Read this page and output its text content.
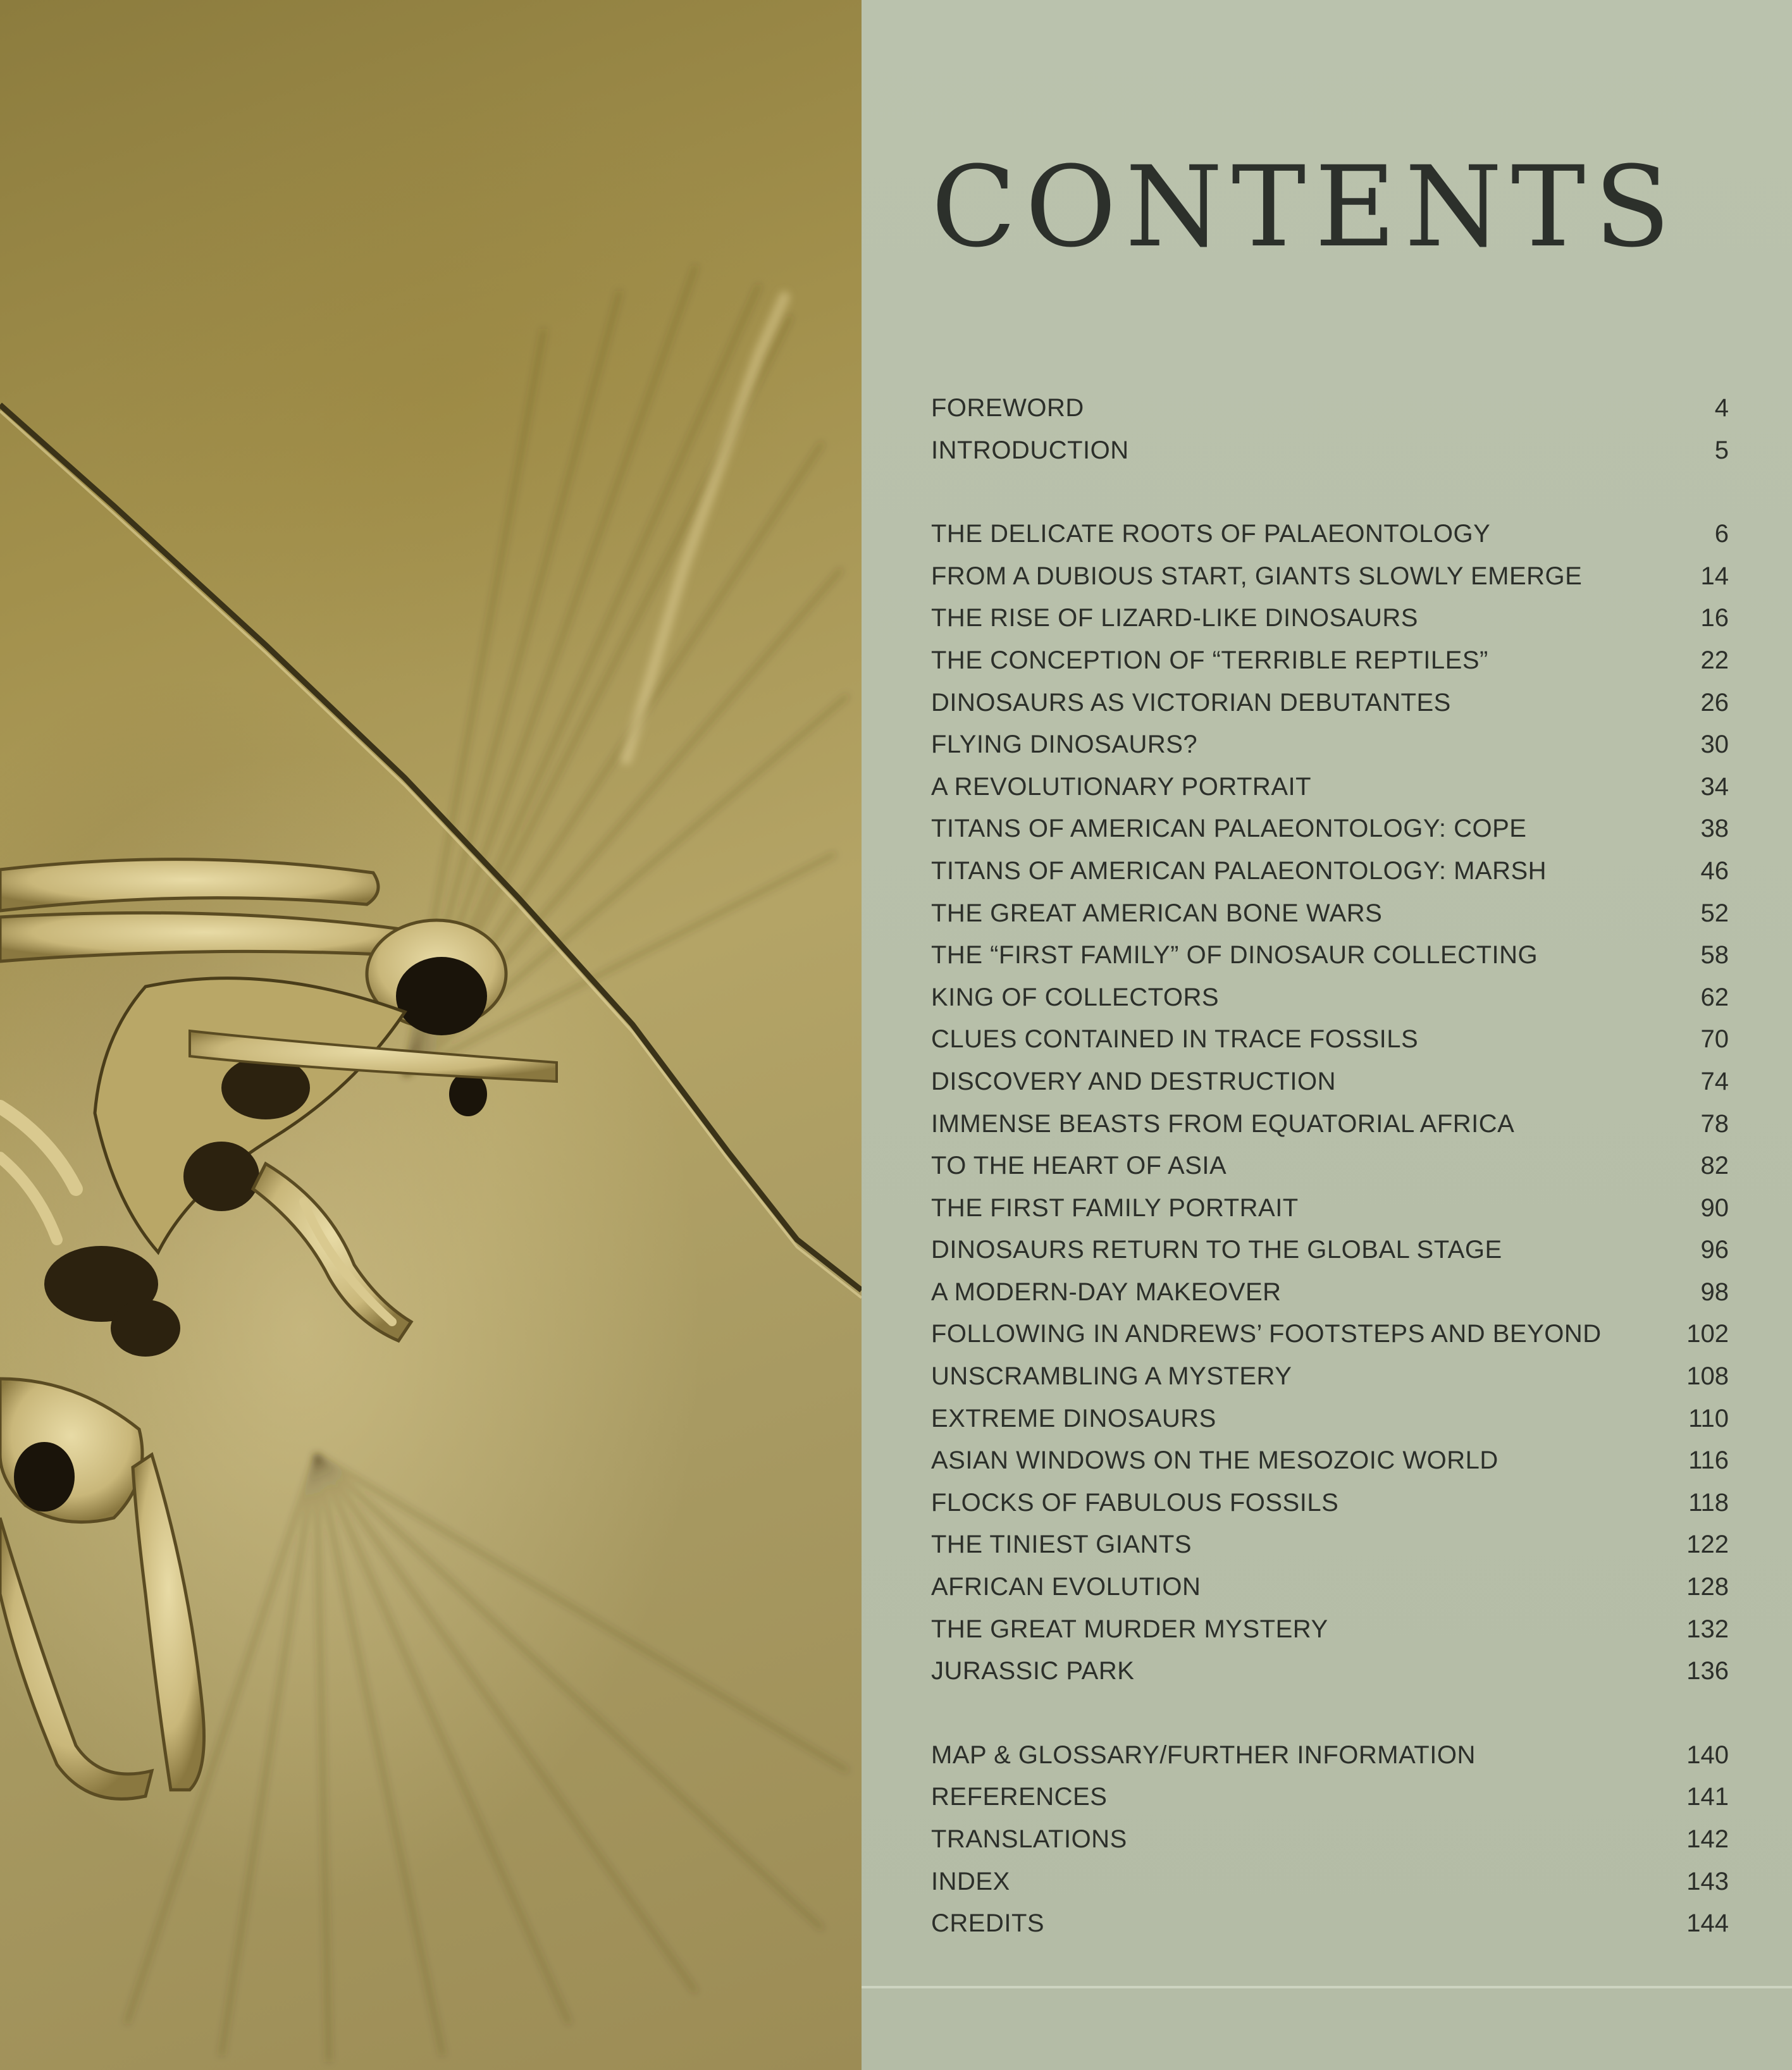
CONTENTS
FOREWORD	4
INTRODUCTION	5
THE DELICATE ROOTS OF PALAEONTOLOGY	6
FROM A DUBIOUS START, GIANTS SLOWLY EMERGE	14
THE RISE OF LIZARD-LIKE DINOSAURS	16
THE CONCEPTION OF “TERRIBLE REPTILES”	22
DINOSAURS AS VICTORIAN DEBUTANTES	26
FLYING DINOSAURS?	30
A REVOLUTIONARY PORTRAIT	34
TITANS OF AMERICAN PALAEONTOLOGY: COPE	38
TITANS OF AMERICAN PALAEONTOLOGY: MARSH	46
THE GREAT AMERICAN BONE WARS	52
THE “FIRST FAMILY” OF DINOSAUR COLLECTING	58
KING OF COLLECTORS	62
CLUES CONTAINED IN TRACE FOSSILS	70
DISCOVERY AND DESTRUCTION	74
IMMENSE BEASTS FROM EQUATORIAL AFRICA	78
TO THE HEART OF ASIA	82
THE FIRST FAMILY PORTRAIT	90
DINOSAURS RETURN TO THE GLOBAL STAGE	96
A MODERN-DAY MAKEOVER	98
FOLLOWING IN ANDREWS’ FOOTSTEPS AND BEYOND	102
UNSCRAMBLING A MYSTERY	108
EXTREME DINOSAURS	110
ASIAN WINDOWS ON THE MESOZOIC WORLD	116
FLOCKS OF FABULOUS FOSSILS	118
THE TINIEST GIANTS	122
AFRICAN EVOLUTION	128
THE GREAT MURDER MYSTERY	132
JURASSIC PARK	136
MAP & GLOSSARY/FURTHER INFORMATION	140
REFERENCES	141
TRANSLATIONS	142
INDEX	143
CREDITS	144
